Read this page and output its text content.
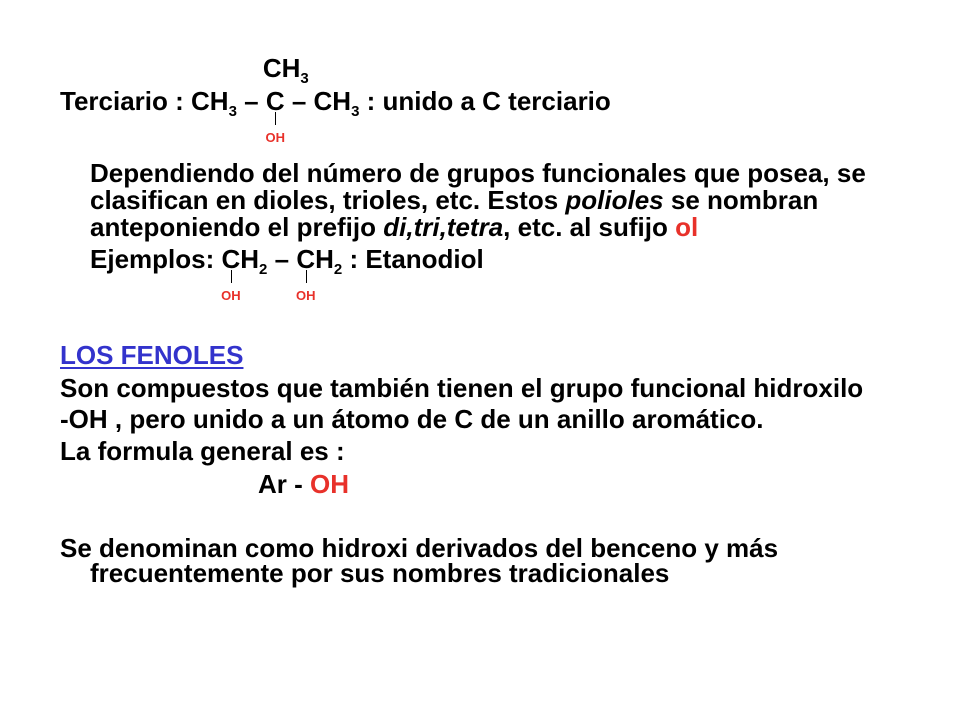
Terciario : CH3 – C
CH3
OH
– CH3 : unido a C terciario
Dependiendo del número de grupos funcionales que posea, se
clasifican en dioles, trioles, etc. Estos polioles se nombran
anteponiendo el prefijo di,tri,tetra, etc. al sufijo ol
Ejemplos: C
OH
H2 – C
OH
H2 : Etanodiol
LOS FENOLES
Son compuestos que también tienen el grupo funcional hidroxilo
-OH , pero unido a un átomo de C de un anillo aromático.
La formula general es :
Ar - OH
Se denominan como hidroxi derivados del benceno y más
frecuentemente por sus nombres tradicionales
